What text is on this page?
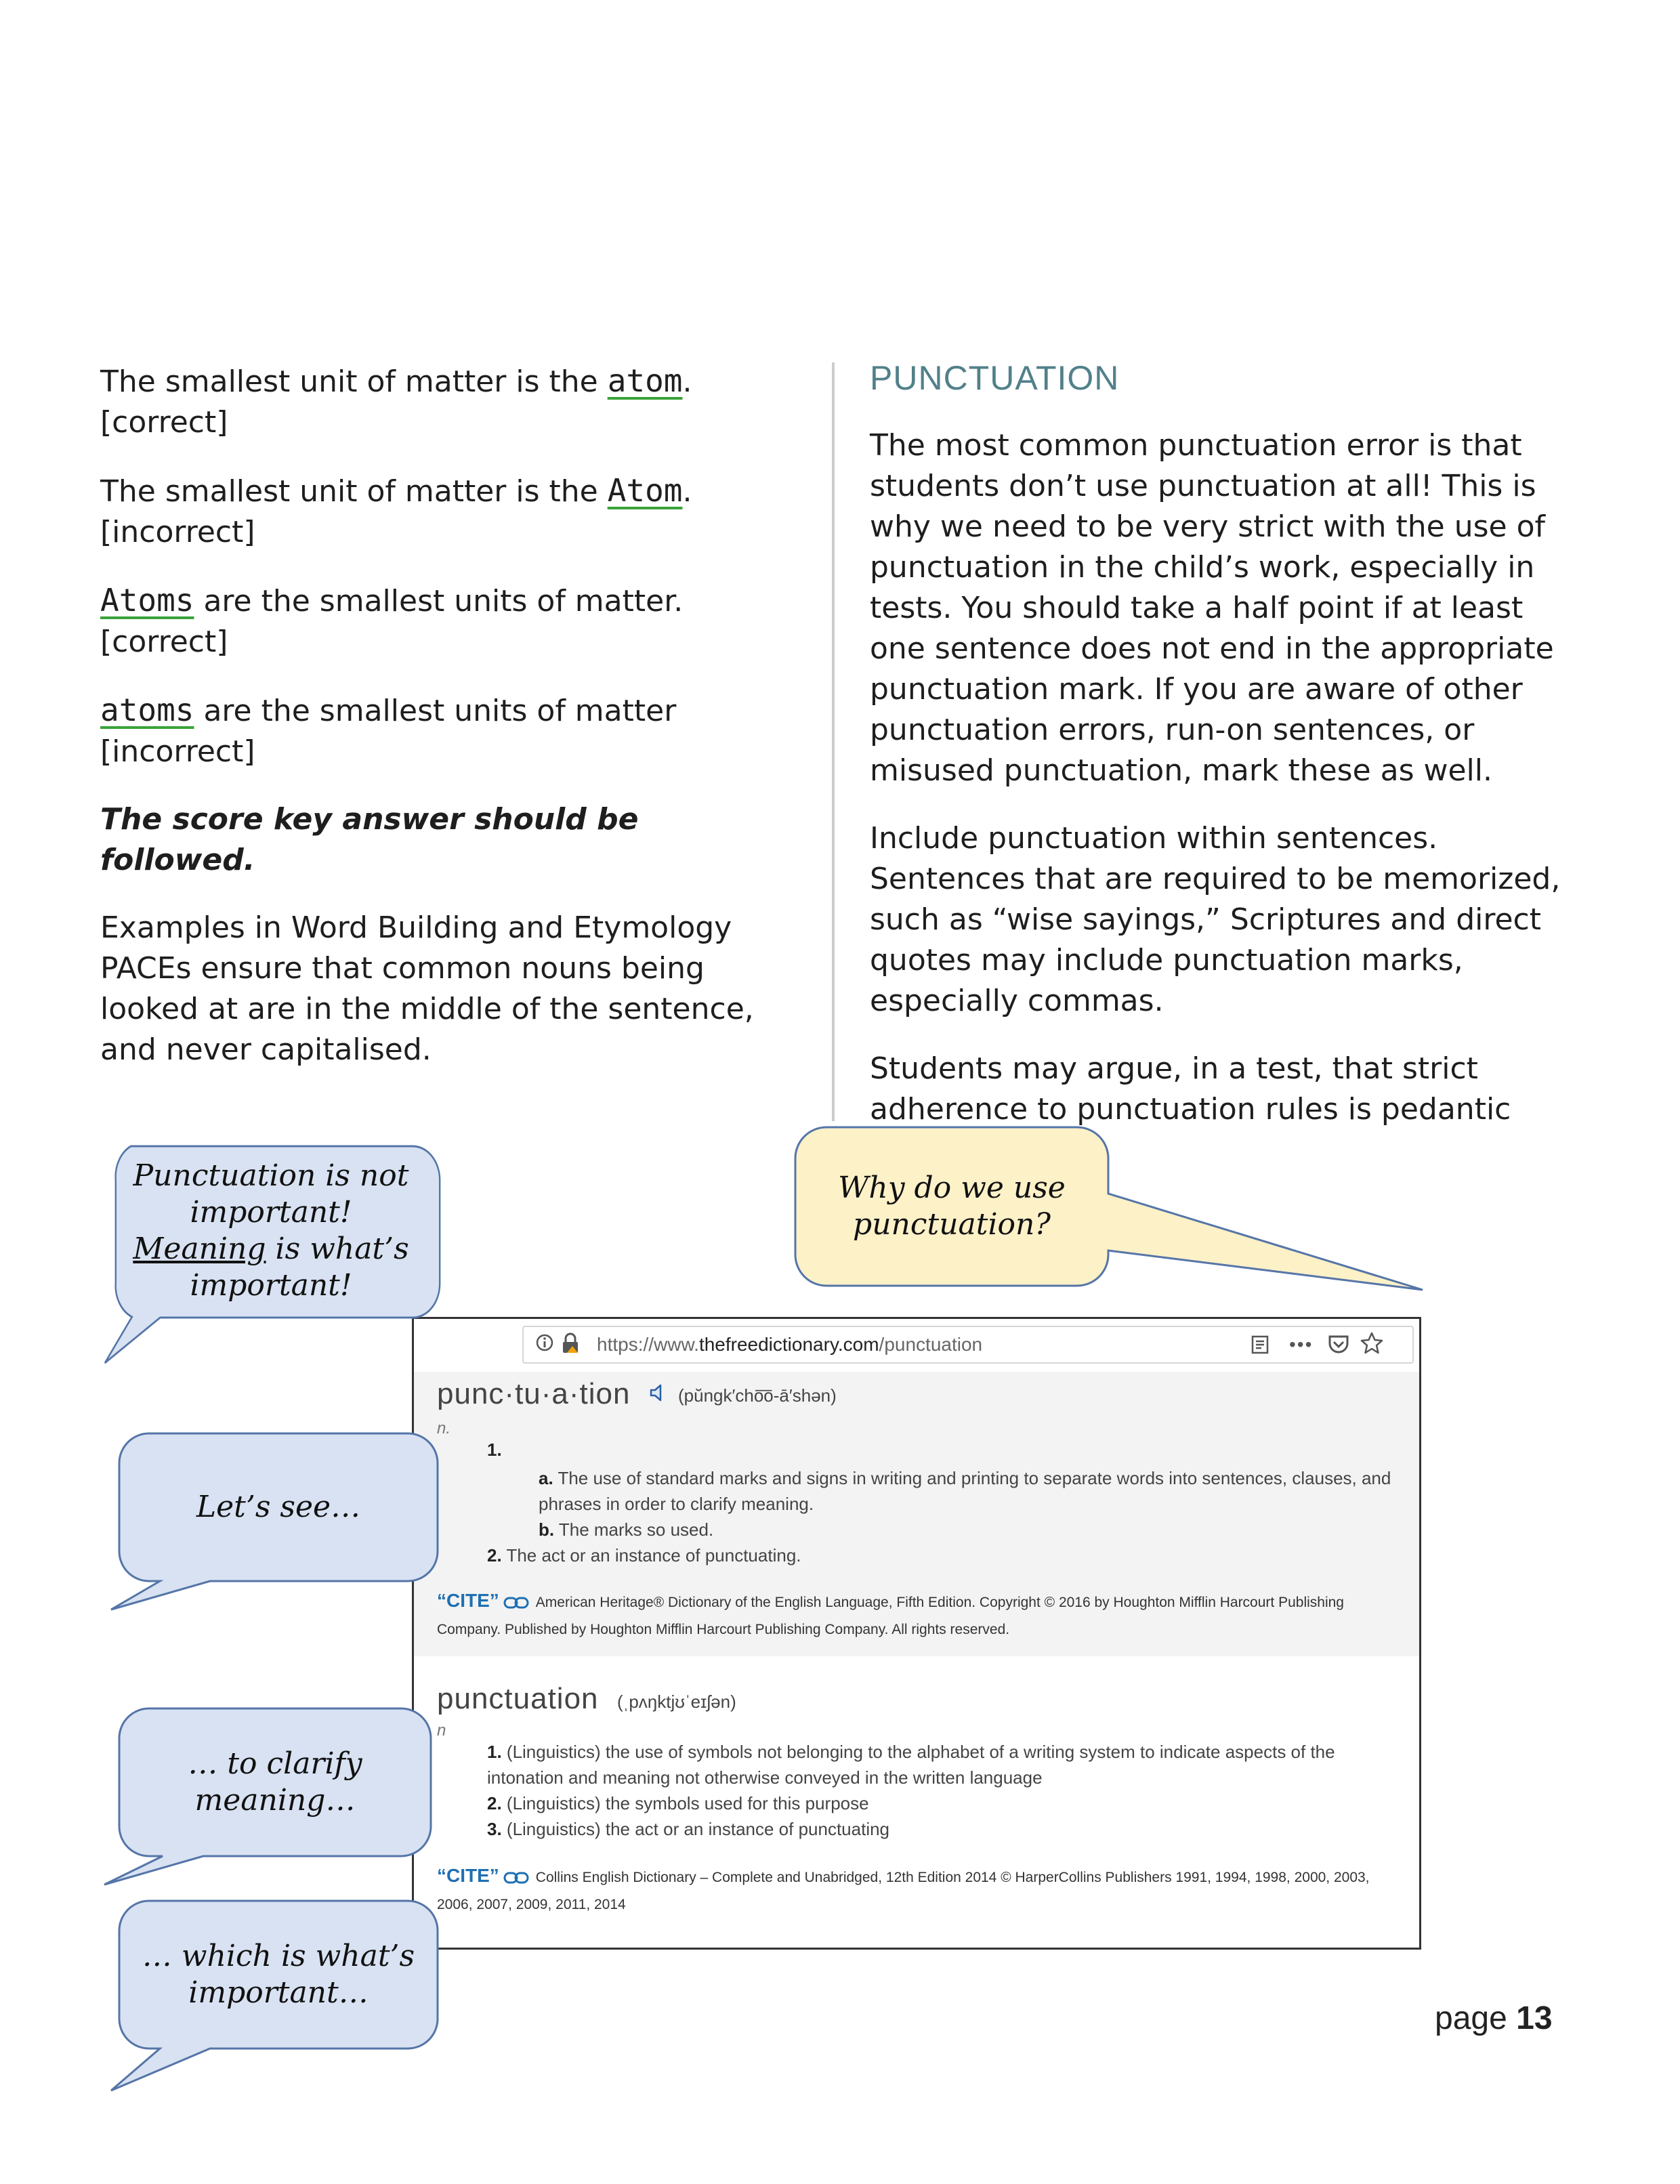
The smallest unit of matter is the atom. [correct]

The smallest unit of matter is the Atom. [incorrect]

Atoms are the smallest units of matter. [correct]

atoms are the smallest units of matter [incorrect]

The score key answer should be followed.

Examples in Word Building and Etymology PACEs ensure that common nouns being looked at are in the middle of the sentence, and never capitalised.

PUNCTUATION

The most common punctuation error is that students don’t use punctuation at all! This is why we need to be very strict with the use of punctuation in the child’s work, especially in tests. You should take a half point if at least one sentence does not end in the appropriate punctuation mark. If you are aware of other punctuation errors, run-on sentences, or misused punctuation, mark these as well.

Include punctuation within sentences. Sentences that are required to be memorized, such as “wise sayings,” Scriptures and direct quotes may include punctuation marks, especially commas.

Students may argue, in a test, that strict adherence to punctuation rules is pedantic

https://www.thefreedictionary.com/punctuation	•••
punc·tu·a·tion	(pŭngk′cho͞o-ā′shən)
n.
1.
a. The use of standard marks and signs in writing and printing to separate words into sentences, clauses, and phrases in order to clarify meaning.
b. The marks so used.
2. The act or an instance of punctuating.
“CITE”	American Heritage® Dictionary of the English Language, Fifth Edition. Copyright © 2016 by Houghton Mifflin Harcourt Publishing Company. Published by Houghton Mifflin Harcourt Publishing Company. All rights reserved.
punctuation (ˌpʌŋktjʊˈeɪʃən)
n
1. (Linguistics) the use of symbols not belonging to the alphabet of a writing system to indicate aspects of the intonation and meaning not otherwise conveyed in the written language
2. (Linguistics) the symbols used for this purpose
3. (Linguistics) the act or an instance of punctuating
“CITE”	Collins English Dictionary – Complete and Unabridged, 12th Edition 2014 © HarperCollins Publishers 1991, 1994, 1998, 2000, 2003, 2006, 2007, 2009, 2011, 2014
Punctuation is not important!
Meaning is what’s important!
Why do we use punctuation?
Let’s see…
… to clarify meaning…
… which is what’s important…
page 13
